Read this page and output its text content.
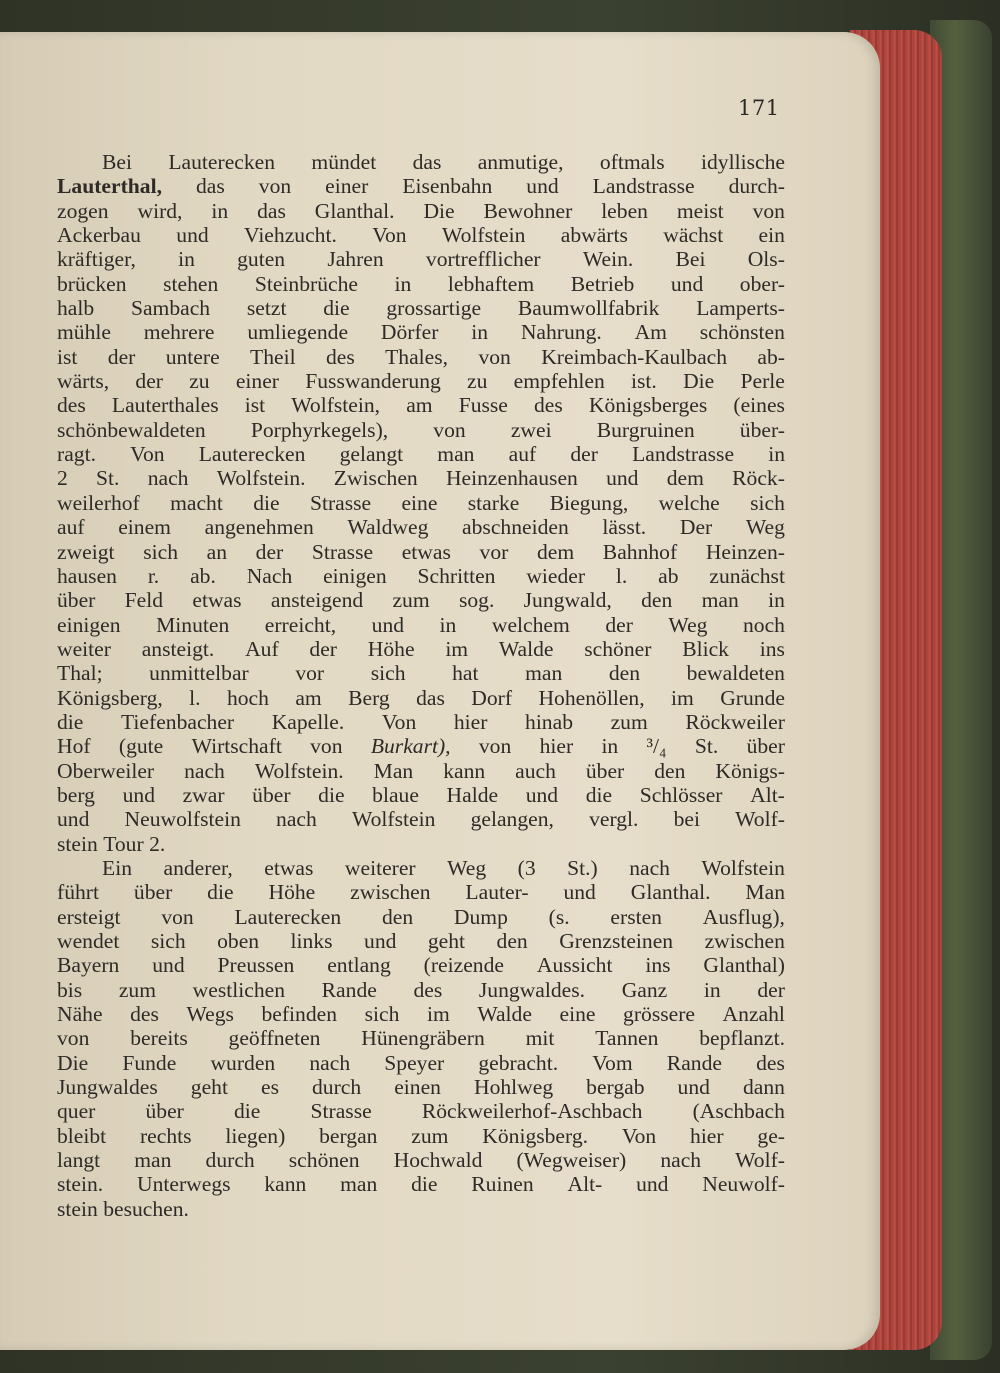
171
Bei Lauterecken mündet das anmutige, oftmals idyllische
Lauterthal, das von einer Eisenbahn und Landstrasse durch-
zogen wird, in das Glanthal. Die Bewohner leben meist von
Ackerbau und Viehzucht. Von Wolfstein abwärts wächst ein
kräftiger, in guten Jahren vortrefflicher Wein. Bei Ols-
brücken stehen Steinbrüche in lebhaftem Betrieb und ober-
halb Sambach setzt die grossartige Baumwollfabrik Lamperts-
mühle mehrere umliegende Dörfer in Nahrung. Am schönsten
ist der untere Theil des Thales, von Kreimbach-Kaulbach ab-
wärts, der zu einer Fusswanderung zu empfehlen ist. Die Perle
des Lauterthales ist Wolfstein, am Fusse des Königsberges (eines
schönbewaldeten Porphyrkegels), von zwei Burgruinen über-
ragt. Von Lauterecken gelangt man auf der Landstrasse in
2 St. nach Wolfstein. Zwischen Heinzenhausen und dem Röck-
weilerhof macht die Strasse eine starke Biegung, welche sich
auf einem angenehmen Waldweg abschneiden lässt. Der Weg
zweigt sich an der Strasse etwas vor dem Bahnhof Heinzen-
hausen r. ab. Nach einigen Schritten wieder l. ab zunächst
über Feld etwas ansteigend zum sog. Jungwald, den man in
einigen Minuten erreicht, und in welchem der Weg noch
weiter ansteigt. Auf der Höhe im Walde schöner Blick ins
Thal; unmittelbar vor sich hat man den bewaldeten
Königsberg, l. hoch am Berg das Dorf Hohenöllen, im Grunde
die Tiefenbacher Kapelle. Von hier hinab zum Röckweiler
Hof (gute Wirtschaft von Burkart), von hier in ³/₄ St. über
Oberweiler nach Wolfstein. Man kann auch über den Königs-
berg und zwar über die blaue Halde und die Schlösser Alt-
und Neuwolfstein nach Wolfstein gelangen, vergl. bei Wolf-
stein Tour 2.
Ein anderer, etwas weiterer Weg (3 St.) nach Wolfstein
führt über die Höhe zwischen Lauter- und Glanthal. Man
ersteigt von Lauterecken den Dump (s. ersten Ausflug),
wendet sich oben links und geht den Grenzsteinen zwischen
Bayern und Preussen entlang (reizende Aussicht ins Glanthal)
bis zum westlichen Rande des Jungwaldes. Ganz in der
Nähe des Wegs befinden sich im Walde eine grössere Anzahl
von bereits geöffneten Hünengräbern mit Tannen bepflanzt.
Die Funde wurden nach Speyer gebracht. Vom Rande des
Jungwaldes geht es durch einen Hohlweg bergab und dann
quer über die Strasse Röckweilerhof-Aschbach (Aschbach
bleibt rechts liegen) bergan zum Königsberg. Von hier ge-
langt man durch schönen Hochwald (Wegweiser) nach Wolf-
stein. Unterwegs kann man die Ruinen Alt- und Neuwolf-
stein besuchen.
